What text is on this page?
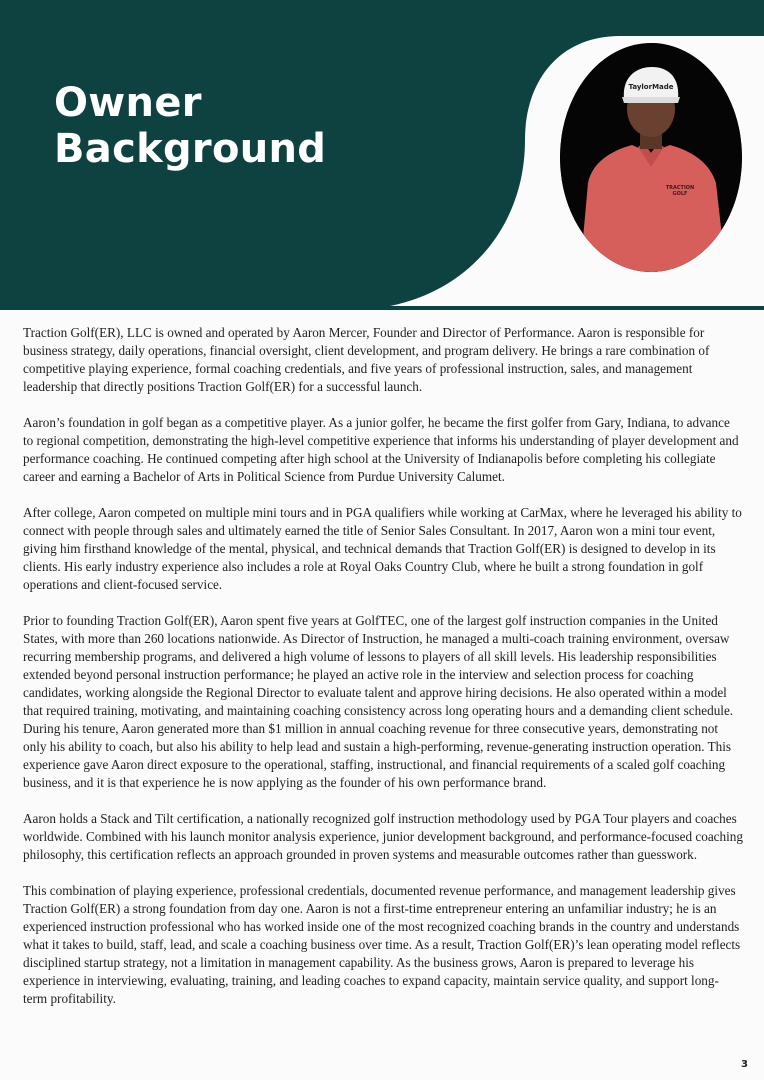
Owner
Background
TaylorMade
TRACTION
GOLF

Traction Golf(ER), LLC is owned and operated by Aaron Mercer, Founder and Director of Performance. Aaron is responsible for business strategy, daily operations, financial oversight, client development, and program delivery. He brings a rare combination of competitive playing experience, formal coaching credentials, and five years of professional instruction, sales, and management leadership that directly positions Traction Golf(ER) for a successful launch.

Aaron’s foundation in golf began as a competitive player. As a junior golfer, he became the first golfer from Gary, Indiana, to advance to regional competition, demonstrating the high-level competitive experience that informs his understanding of player development and performance coaching. He continued competing after high school at the University of Indianapolis before completing his collegiate career and earning a Bachelor of Arts in Political Science from Purdue University Calumet.

After college, Aaron competed on multiple mini tours and in PGA qualifiers while working at CarMax, where he leveraged his ability to connect with people through sales and ultimately earned the title of Senior Sales Consultant. In 2017, Aaron won a mini tour event, giving him firsthand knowledge of the mental, physical, and technical demands that Traction Golf(ER) is designed to develop in its clients. His early industry experience also includes a role at Royal Oaks Country Club, where he built a strong foundation in golf operations and client-focused service.

Prior to founding Traction Golf(ER), Aaron spent five years at GolfTEC, one of the largest golf instruction companies in the United States, with more than 260 locations nationwide. As Director of Instruction, he managed a multi-coach training environment, oversaw recurring membership programs, and delivered a high volume of lessons to players of all skill levels. His leadership responsibilities extended beyond personal instruction performance; he played an active role in the interview and selection process for coaching candidates, working alongside the Regional Director to evaluate talent and approve hiring decisions. He also operated within a model that required training, motivating, and maintaining coaching consistency across long operating hours and a demanding client schedule. During his tenure, Aaron generated more than $1 million in annual coaching revenue for three consecutive years, demonstrating not only his ability to coach, but also his ability to help lead and sustain a high-performing, revenue-generating instruction operation. This experience gave Aaron direct exposure to the operational, staffing, instructional, and financial requirements of a scaled golf coaching business, and it is that experience he is now applying as the founder of his own performance brand.

Aaron holds a Stack and Tilt certification, a nationally recognized golf instruction methodology used by PGA Tour players and coaches worldwide. Combined with his launch monitor analysis experience, junior development background, and performance-focused coaching philosophy, this certification reflects an approach grounded in proven systems and measurable outcomes rather than guesswork.

This combination of playing experience, professional credentials, documented revenue performance, and management leadership gives Traction Golf(ER) a strong foundation from day one. Aaron is not a first-time entrepreneur entering an unfamiliar industry; he is an experienced instruction professional who has worked inside one of the most recognized coaching brands in the country and understands what it takes to build, staff, lead, and scale a coaching business over time. As a result, Traction Golf(ER)’s lean operating model reflects disciplined startup strategy, not a limitation in management capability. As the business grows, Aaron is prepared to leverage his experience in interviewing, evaluating, training, and leading coaches to expand capacity, maintain service quality, and support long-term profitability.

3
